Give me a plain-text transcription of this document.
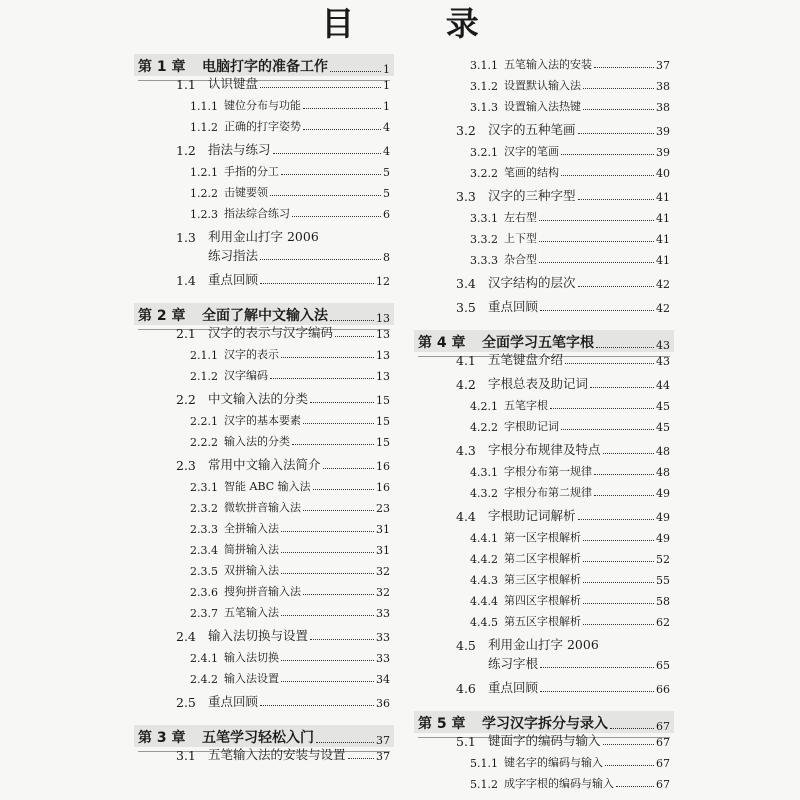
目 录
第 1 章	电脑打字的准备工作	1
1.1 认识键盘	1
1.1.1 键位分布与功能	1
1.1.2 正确的打字姿势	4
1.2 指法与练习	4
1.2.1 手指的分工	5
1.2.2 击键要领	5
1.2.3 指法综合练习	6
1.3 利用金山打字 2006
练习指法	8
1.4 重点回顾	12
第 2 章	全面了解中文输入法	13
2.1 汉字的表示与汉字编码	13
2.1.1 汉字的表示	13
2.1.2 汉字编码	13
2.2 中文输入法的分类	15
2.2.1 汉字的基本要素	15
2.2.2 输入法的分类	15
2.3 常用中文输入法简介	16
2.3.1 智能 ABC 输入法	16
2.3.2 微软拼音输入法	23
2.3.3 全拼输入法	31
2.3.4 简拼输入法	31
2.3.5 双拼输入法	32
2.3.6 搜狗拼音输入法	32
2.3.7 五笔输入法	33
2.4 输入法切换与设置	33
2.4.1 输入法切换	33
2.4.2 输入法设置	34
2.5 重点回顾	36
第 3 章	五笔学习轻松入门	37
3.1 五笔输入法的安装与设置	37
3.1.1 五笔输入法的安装	37
3.1.2 设置默认输入法	38
3.1.3 设置输入法热键	38
3.2 汉字的五种笔画	39
3.2.1 汉字的笔画	39
3.2.2 笔画的结构	40
3.3 汉字的三种字型	41
3.3.1 左右型	41
3.3.2 上下型	41
3.3.3 杂合型	41
3.4 汉字结构的层次	42
3.5 重点回顾	42
第 4 章	全面学习五笔字根	43
4.1 五笔键盘介绍	43
4.2 字根总表及助记词	44
4.2.1 五笔字根	45
4.2.2 字根助记词	45
4.3 字根分布规律及特点	48
4.3.1 字根分布第一规律	48
4.3.2 字根分布第二规律	49
4.4 字根助记词解析	49
4.4.1 第一区字根解析	49
4.4.2 第二区字根解析	52
4.4.3 第三区字根解析	55
4.4.4 第四区字根解析	58
4.4.5 第五区字根解析	62
4.5 利用金山打字 2006
练习字根	65
4.6 重点回顾	66
第 5 章	学习汉字拆分与录入	67
5.1 键面字的编码与输入	67
5.1.1 键名字的编码与输入	67
5.1.2 成字字根的编码与输入	67
